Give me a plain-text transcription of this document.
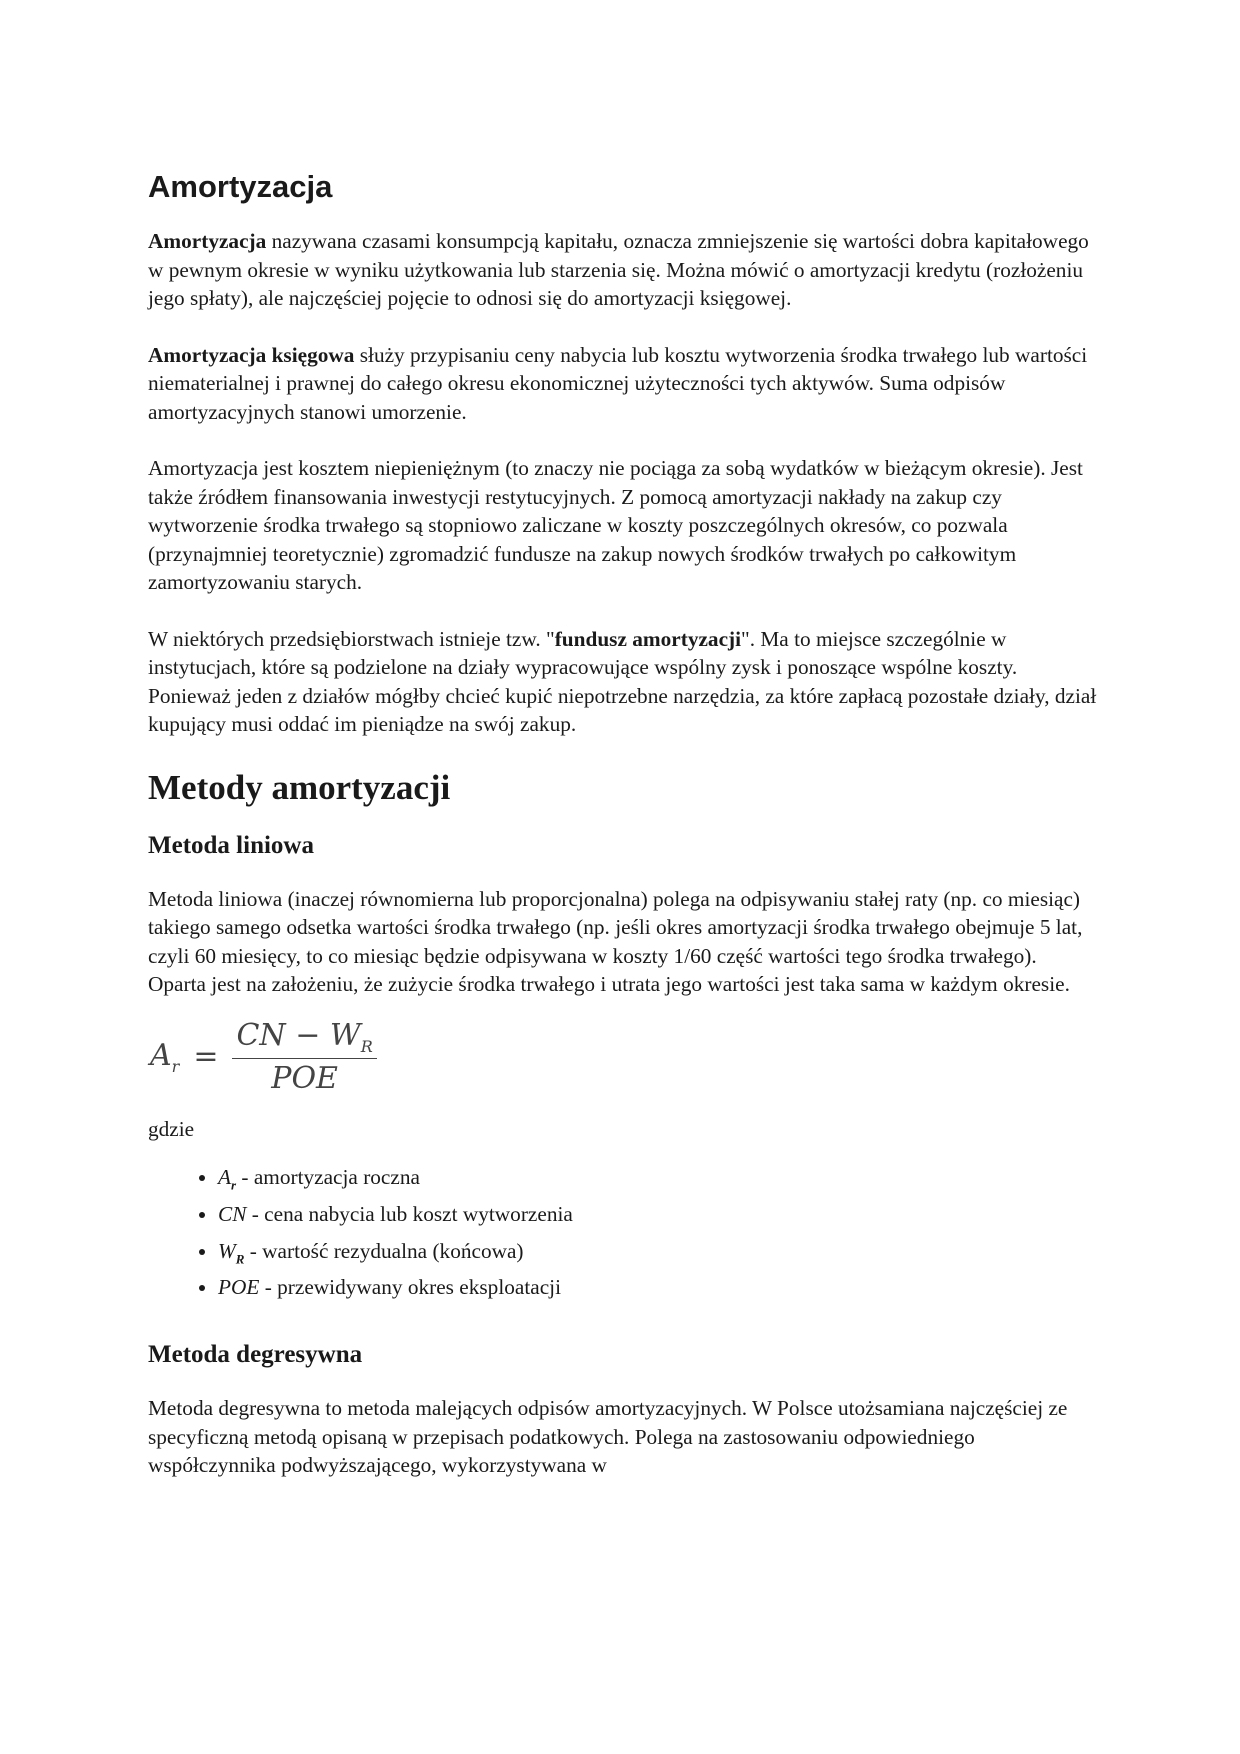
Amortyzacja

Amortyzacja nazywana czasami konsumpcją kapitału, oznacza zmniejszenie się wartości dobra kapitałowego w pewnym okresie w wyniku użytkowania lub starzenia się. Można mówić o amortyzacji kredytu (rozłożeniu jego spłaty), ale najczęściej pojęcie to odnosi się do amortyzacji księgowej.

Amortyzacja księgowa służy przypisaniu ceny nabycia lub kosztu wytworzenia środka trwałego lub wartości niematerialnej i prawnej do całego okresu ekonomicznej użyteczności tych aktywów. Suma odpisów amortyzacyjnych stanowi umorzenie.

Amortyzacja jest kosztem niepieniężnym (to znaczy nie pociąga za sobą wydatków w bieżącym okresie). Jest także źródłem finansowania inwestycji restytucyjnych. Z pomocą amortyzacji nakłady na zakup czy wytworzenie środka trwałego są stopniowo zaliczane w koszty poszczególnych okresów, co pozwala (przynajmniej teoretycznie) zgromadzić fundusze na zakup nowych środków trwałych po całkowitym zamortyzowaniu starych.

W niektórych przedsiębiorstwach istnieje tzw. "fundusz amortyzacji". Ma to miejsce szczególnie w instytucjach, które są podzielone na działy wypracowujące wspólny zysk i ponoszące wspólne koszty. Ponieważ jeden z działów mógłby chcieć kupić niepotrzebne narzędzia, za które zapłacą pozostałe działy, dział kupujący musi oddać im pieniądze na swój zakup.

Metody amortyzacji
Metoda liniowa

Metoda liniowa (inaczej równomierna lub proporcjonalna) polega na odpisywaniu stałej raty (np. co miesiąc) takiego samego odsetka wartości środka trwałego (np. jeśli okres amortyzacji środka trwałego obejmuje 5 lat, czyli 60 miesięcy, to co miesiąc będzie odpisywana w koszty 1/60 część wartości tego środka trwałego). Oparta jest na założeniu, że zużycie środka trwałego i utrata jego wartości jest taka sama w każdym okresie.

$A_r = \frac{CN - W_R}{\text{POE}}$

gdzie

• $A_r$ - amortyzacja roczna
• CN - cena nabycia lub koszt wytworzenia
• $W_R$ - wartość rezydualna (końcowa)
• POE - przewidywany okres eksploatacji
Metoda degresywna

Metoda degresywna to metoda malejących odpisów amortyzacyjnych. W Polsce utożsamiana najczęściej ze specyficzną metodą opisaną w przepisach podatkowych. Polega na zastosowaniu odpowiedniego współczynnika podwyższającego, wykorzystywana w
